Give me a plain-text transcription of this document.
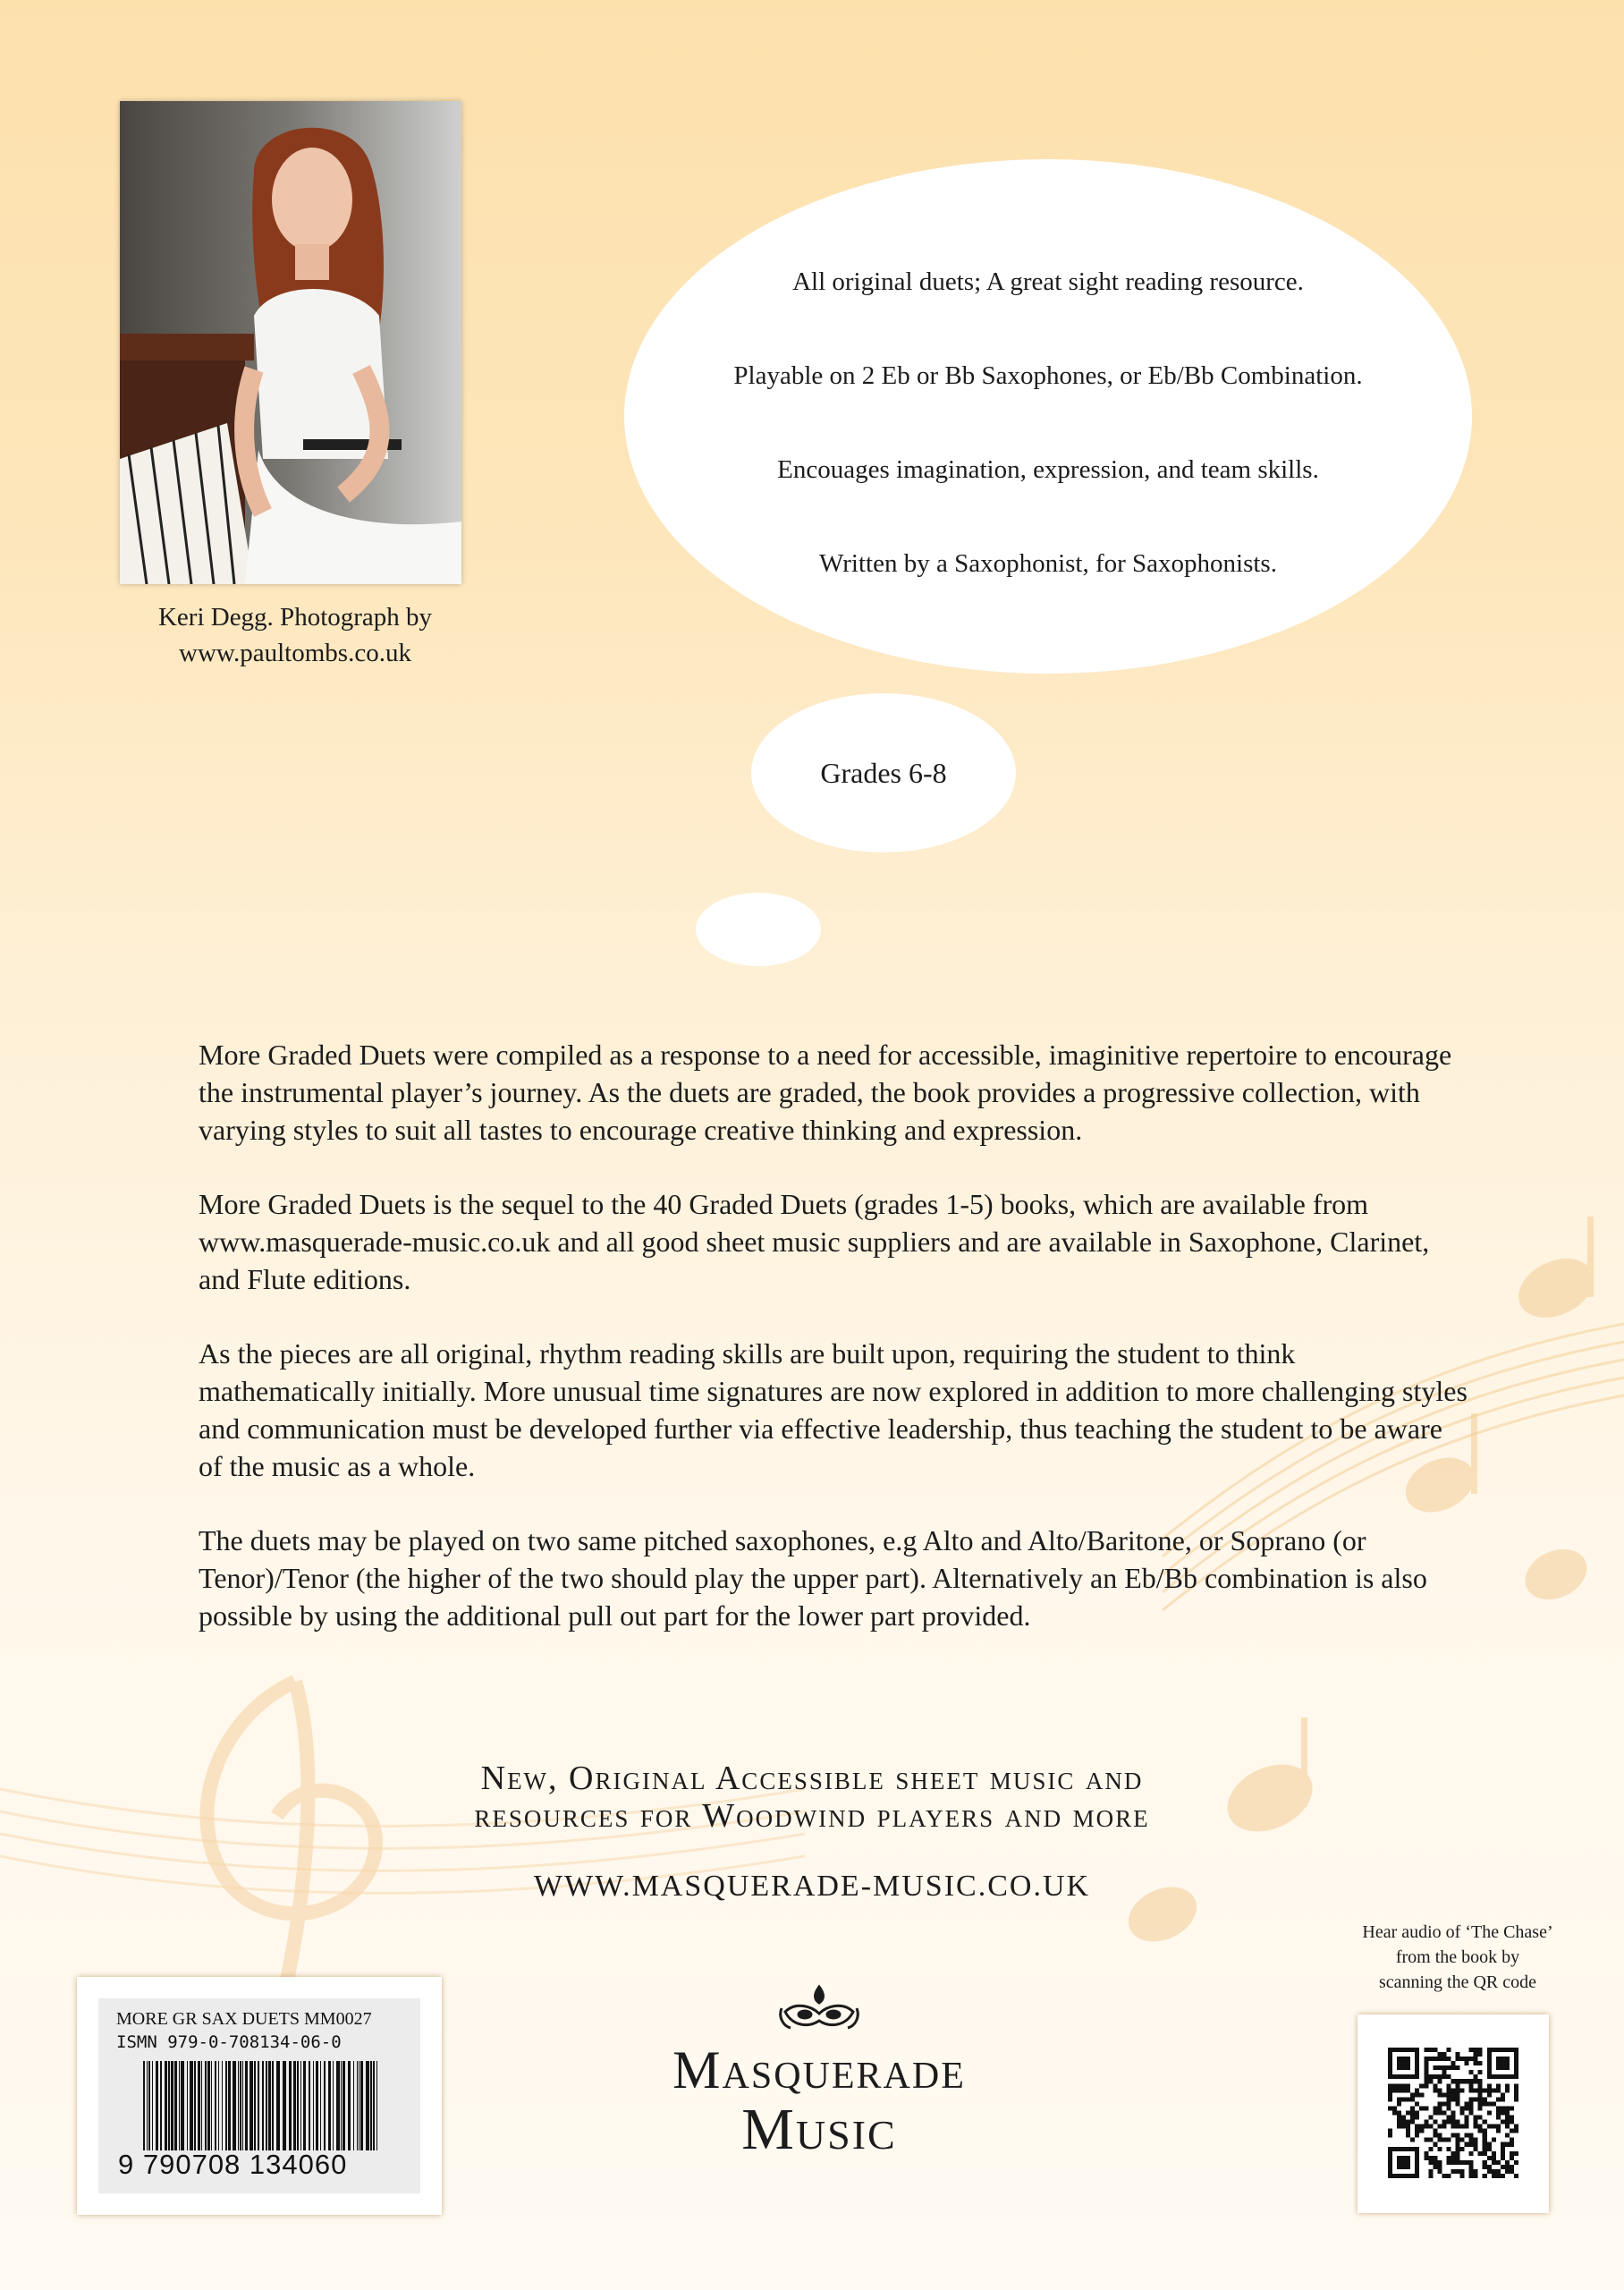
Keri Degg. Photograph by
www.paultombs.co.uk

All original duets; A great sight reading resource.

Playable on 2 Eb or Bb Saxophones, or Eb/Bb Combination.

Encouages imagination, expression, and team skills.

Written by a Saxophonist, for Saxophonists.

Grades 6-8

More Graded Duets were compiled as a response to a need for accessible, imaginitive repertoire to encourage the instrumental player’s journey. As the duets are graded, the book provides a progressive collection, with varying styles to suit all tastes to encourage creative thinking and expression.

More Graded Duets is the sequel to the 40 Graded Duets (grades 1-5) books, which are available from www.masquerade-music.co.uk and all good sheet music suppliers and are available in Saxophone, Clarinet, and Flute editions.

As the pieces are all original, rhythm reading skills are built upon, requiring the student to think mathematically initially. More unusual time signatures are now explored in addition to more challenging styles and communication must be developed further via effective leadership, thus teaching the student to be aware of the music as a whole.

The duets may be played on two same pitched saxophones, e.g Alto and Alto/Baritone, or Soprano (or Tenor)/Tenor (the higher of the two should play the upper part). Alternatively an Eb/Bb combination is also possible by using the additional pull out part for the lower part provided.

New, Original Accessible sheet music and
resources for Woodwind players and more
WWW.MASQUERADE-MUSIC.CO.UK
Masquerade
Music
MORE GR SAX DUETS MM0027
ISMN 979-0-708134-06-0
9 790708 134060
Hear audio of ‘The Chase’
from the book by
scanning the QR code
